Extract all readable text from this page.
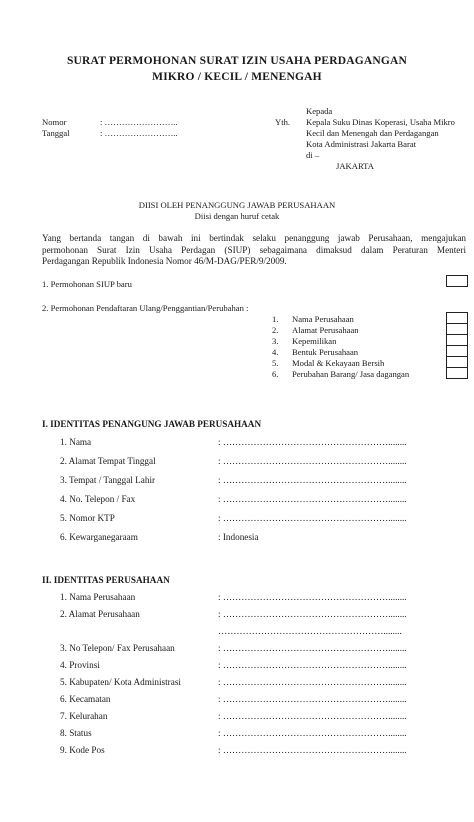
SURAT PERMOHONAN SURAT IZIN USAHA PERDAGANGAN
MIKRO / KECIL / MENENGAH
Nomor	: ……………………..
Tanggal	: ……………………..
Yth.
Kepada
Kepala Suku Dinas Koperasi, Usaha Mikro
Kecil dan Menengah dan Perdagangan
Kota Administrasi Jakarta Barat
di –
JAKARTA
DIISI OLEH PENANGGUNG JAWAB PERUSAHAAN
Diisi dengan huruf cetak
Yang bertanda tangan di bawah ini bertindak selaku penanggung jawab Perusahaan, mengajukan
permohonan Surat Izin Usaha Perdagan (SIUP) sebagaimana dimaksud dalam Peraturan Menteri
Perdagangan Republik Indonesia Nomor 46/M-DAG/PER/9/2009.
1. Permohonan SIUP baru
2. Permohonan Pendaftaran Ulang/Penggantian/Perubahan :
1. Nama Perusahaan
2. Alamat Perusahaan
3. Kepemilikan
4. Bentuk Perusahaan
5. Modal & Kekayaan Bersih
6. Perubahan Barang/ Jasa dagangan
I. IDENTITAS PENANGUNG JAWAB PERUSAHAAN
1. Nama	: ………………………………………………........
2. Alamat Tempat Tinggal	: ………………………………………………........
3. Tempat / Tanggal Lahir	: ………………………………………………........
4. No. Telepon / Fax	: ………………………………………………........
5. Nomor KTP	: ………………………………………………........
6. Kewarganegaraam	: Indonesia
II. IDENTITAS PERUSAHAAN
1. Nama Perusahaan	: ………………………………………………........
2. Alamat Perusahaan	: ………………………………………………........
………………………………………………........
3. No Telepon/ Fax Perusahaan	: ………………………………………………........
4. Provinsi	: ………………………………………………........
5. Kabupaten/ Kota Administrasi	: ………………………………………………........
6. Kecamatan	: ………………………………………………........
7. Kelurahan	: ………………………………………………........
8. Status	: ………………………………………………........
9. Kode Pos	: ………………………………………………........
